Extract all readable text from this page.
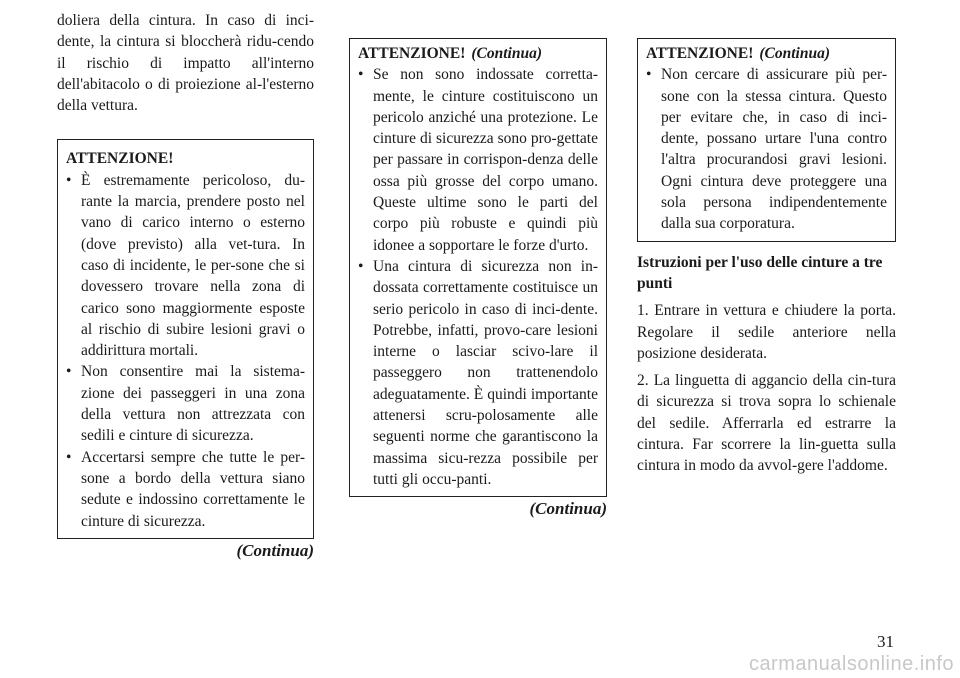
doliera della cintura. In caso di inci-dente, la cintura si bloccherà ridu-cendo il rischio di impatto all'interno dell'abitacolo o di proiezione al-l'esterno della vettura.

ATTENZIONE!

• È estremamente pericoloso, du-rante la marcia, prendere posto nel vano di carico interno o esterno (dove previsto) alla vet-tura. In caso di incidente, le per-sone che si dovessero trovare nella zona di carico sono maggiormente esposte al rischio di subire lesioni gravi o addirittura mortali.
• Non consentire mai la sistema-zione dei passeggeri in una zona della vettura non attrezzata con sedili e cinture di sicurezza.
• Accertarsi sempre che tutte le per-sone a bordo della vettura siano sedute e indossino correttamente le cinture di sicurezza.
(Continua)

ATTENZIONE! (Continua)

• Se non sono indossate corretta-mente, le cinture costituiscono un pericolo anziché una protezione. Le cinture di sicurezza sono pro-gettate per passare in corrispon-denza delle ossa più grosse del corpo umano. Queste ultime sono le parti del corpo più robuste e quindi più idonee a sopportare le forze d'urto.
• Una cintura di sicurezza non in-dossata correttamente costituisce un serio pericolo in caso di inci-dente. Potrebbe, infatti, provo-care lesioni interne o lasciar scivo-lare il passeggero non trattenendolo adeguatamente. È quindi importante attenersi scru-polosamente alle seguenti norme che garantiscono la massima sicu-rezza possibile per tutti gli occu-panti.
(Continua)

ATTENZIONE! (Continua)

• Non cercare di assicurare più per-sone con la stessa cintura. Questo per evitare che, in caso di inci-dente, possano urtare l'una contro l'altra procurandosi gravi lesioni. Ogni cintura deve proteggere una sola persona indipendentemente dalla sua corporatura.

Istruzioni per l'uso delle cinture a tre punti

1. Entrare in vettura e chiudere la porta. Regolare il sedile anteriore nella posizione desiderata.

2. La linguetta di aggancio della cin-tura di sicurezza si trova sopra lo schienale del sedile. Afferrarla ed estrarre la cintura. Far scorrere la lin-guetta sulla cintura in modo da avvol-gere l'addome.

31
carmanualsonline.info
